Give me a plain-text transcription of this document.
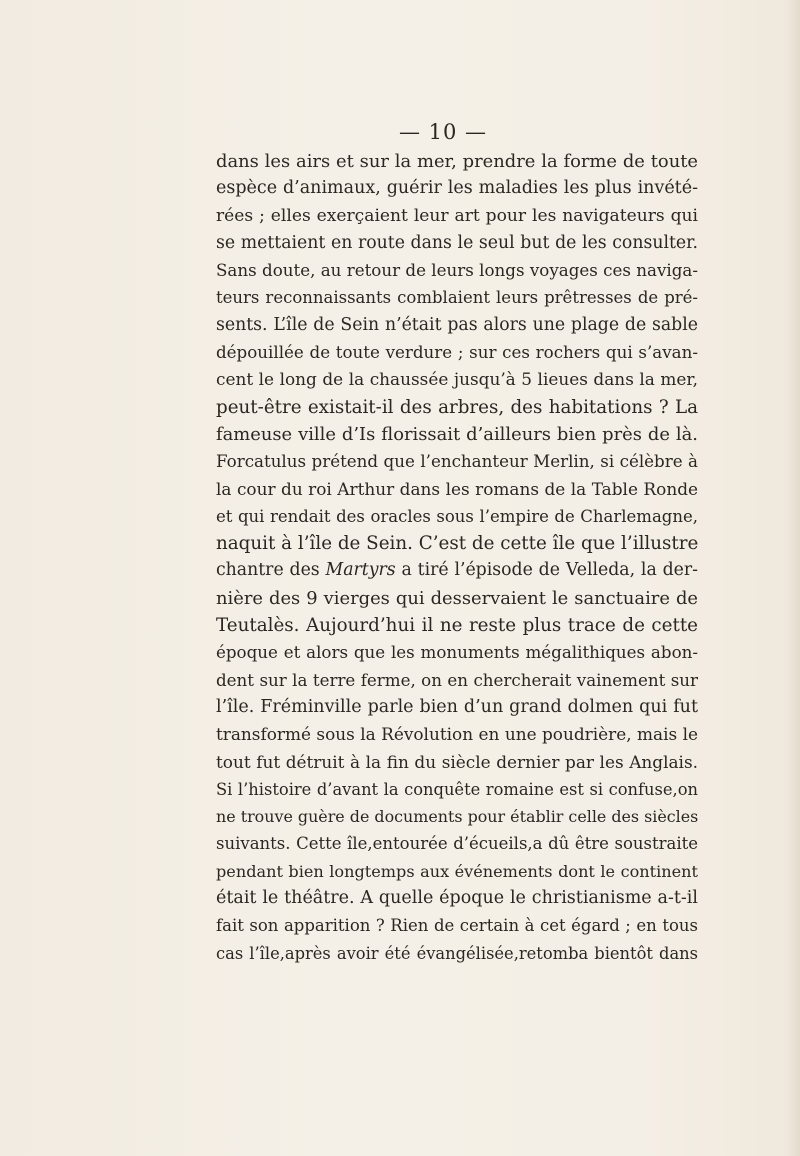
— 10 —
dans les airs et sur la mer, prendre la forme de toute
espèce d’animaux, guérir les maladies les plus invété-
rées ; elles exerçaient leur art pour les navigateurs qui
se mettaient en route dans le seul but de les consulter.
Sans doute, au retour de leurs longs voyages ces naviga-
teurs reconnaissants comblaient leurs prêtresses de pré-
sents. L’île de Sein n’était pas alors une plage de sable
dépouillée de toute verdure ; sur ces rochers qui s’avan-
cent le long de la chaussée jusqu’à 5 lieues dans la mer,
peut-être existait-il des arbres, des habitations ? La
fameuse ville d’Is florissait d’ailleurs bien près de là.
Forcatulus prétend que l’enchanteur Merlin, si célèbre à
la cour du roi Arthur dans les romans de la Table Ronde
et qui rendait des oracles sous l’empire de Charlemagne,
naquit à l’île de Sein. C’est de cette île que l’illustre
chantre des Martyrs a tiré l’épisode de Velleda, la der-
nière des 9 vierges qui desservaient le sanctuaire de
Teutalès. Aujourd’hui il ne reste plus trace de cette
époque et alors que les monuments mégalithiques abon-
dent sur la terre ferme, on en chercherait vainement sur
l’île. Fréminville parle bien d’un grand dolmen qui fut
transformé sous la Révolution en une poudrière, mais le
tout fut détruit à la fin du siècle dernier par les Anglais.
Si l’histoire d’avant la conquête romaine est si confuse,on
ne trouve guère de documents pour établir celle des siècles
suivants. Cette île,entourée d’écueils,a dû être soustraite
pendant bien longtemps aux événements dont le continent
était le théâtre. A quelle époque le christianisme a-t-il
fait son apparition ? Rien de certain à cet égard ; en tous
cas l’île,après avoir été évangélisée,retomba bientôt dans
